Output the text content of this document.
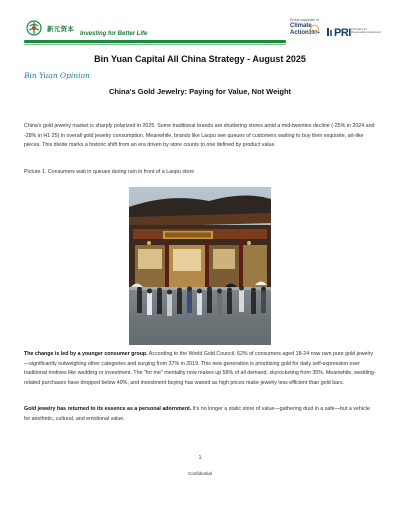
新元资本
Investing for Better Life
Proud supporter of
Climate
Action100+ PRI Principles for Responsible Investment
Bin Yuan Capital All China Strategy - August 2025
Bin Yuan Opinion
China's Gold Jewelry: Paying for Value, Not Weight

China's gold jewelry market is sharply polarized in 2025. Some traditional brands are shuttering stores amid a mid-twenties decline (-25% in 2024 and -28% in H1 25) in overall gold jewelry consumption. Meanwhile, brands like Laopu see queues of customers waiting to buy their exquisite, art-like pieces. This divide marks a historic shift from an era driven by store counts to one defined by product value.

Picture 1. Consumers wait in queues during rain in front of a Laopu store

The change is led by a younger consumer group. According to the World Gold Council, 62% of consumers aged 18-24 now own pure gold jewelry—significantly outweighing other categories and surging from 37% in 2019. This new generation is prioritizing gold for daily self-expression over traditional motives like wedding or investment. The "for me" mentality now makes up 58% of all demand, skyrocketing from 35%. Meanwhile, wedding-related purchases have dropped below 40%, and investment buying has waned as high prices make jewelry less efficient than gold bars.

Gold jewelry has returned to its essence as a personal adornment. It's no longer a static store of value—gathering dust in a safe—but a vehicle for aesthetic, cultural, and emotional value.

1
Confidential
